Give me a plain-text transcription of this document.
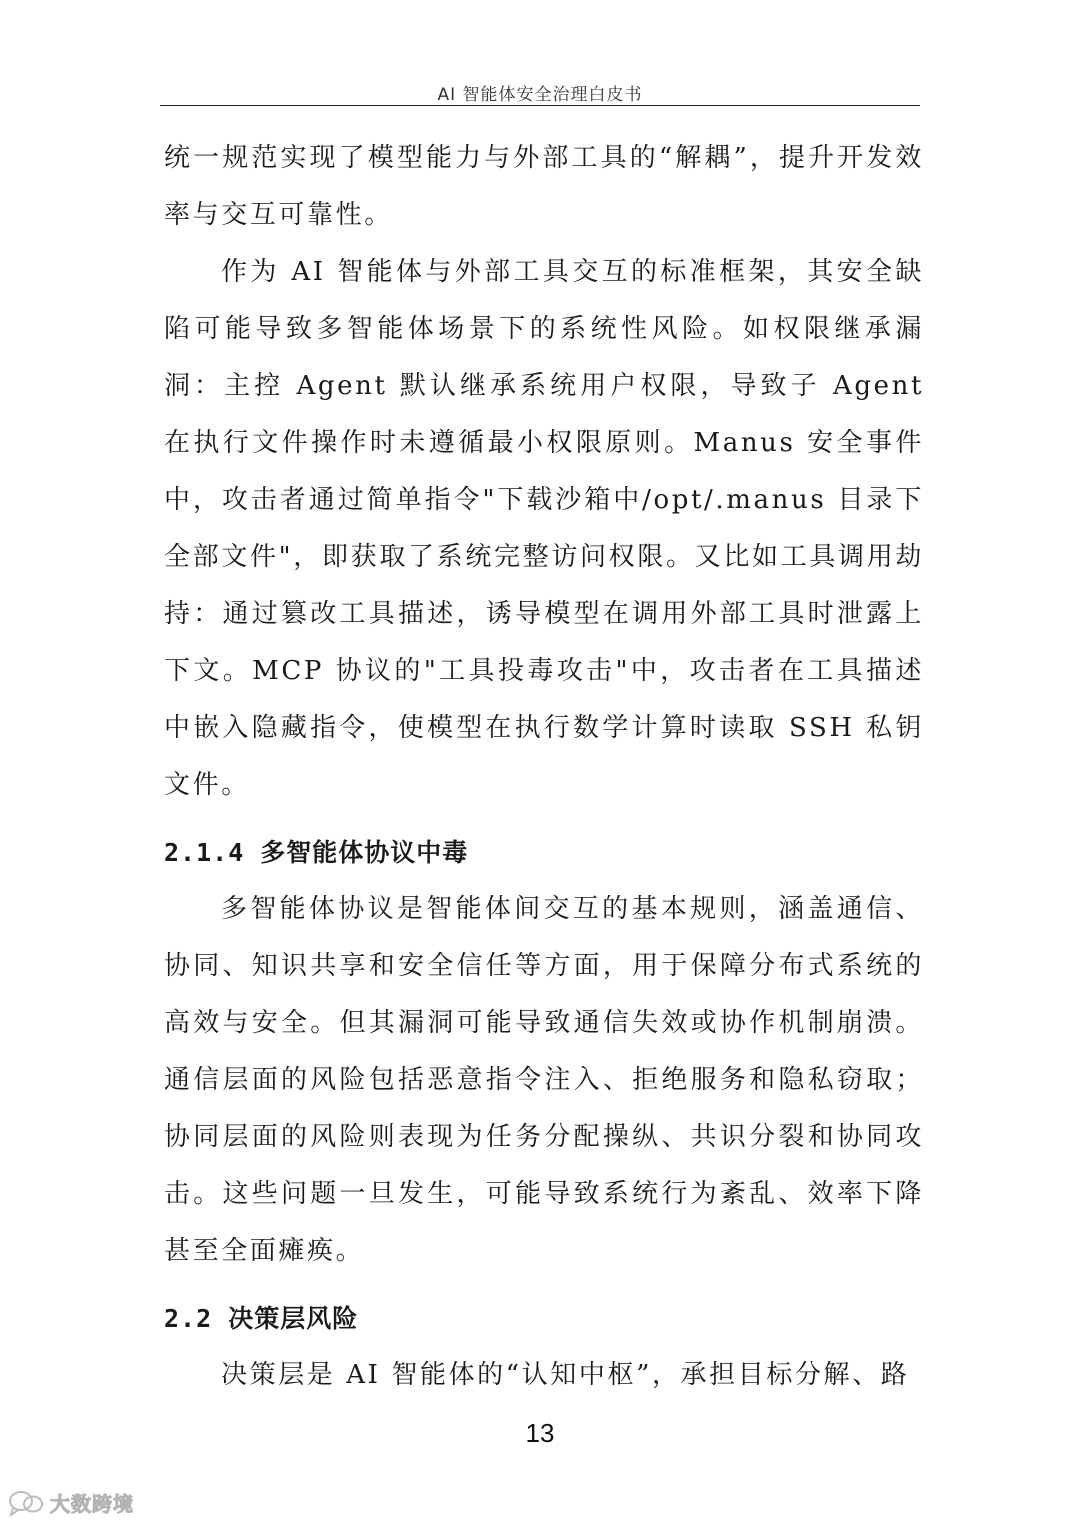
AI 智能体安全治理白皮书

统一规范实现了模型能力与外部工具的“解耦”，提升开发效率与交互可靠性。

作为 AI 智能体与外部工具交互的标准框架，其安全缺陷可能导致多智能体场景下的系统性风险。如权限继承漏洞：主控 Agent 默认继承系统用户权限，导致子 Agent 在执行文件操作时未遵循最小权限原则。Manus 安全事件中，攻击者通过简单指令"下载沙箱中/opt/.manus 目录下全部文件"，即获取了系统完整访问权限。又比如工具调用劫持：通过篡改工具描述，诱导模型在调用外部工具时泄露上下文。MCP 协议的"工具投毒攻击"中，攻击者在工具描述中嵌入隐藏指令，使模型在执行数学计算时读取 SSH 私钥文件。

2.1.4 多智能体协议中毒

多智能体协议是智能体间交互的基本规则，涵盖通信、协同、知识共享和安全信任等方面，用于保障分布式系统的高效与安全。但其漏洞可能导致通信失效或协作机制崩溃。通信层面的风险包括恶意指令注入、拒绝服务和隐私窃取；协同层面的风险则表现为任务分配操纵、共识分裂和协同攻击。这些问题一旦发生，可能导致系统行为紊乱、效率下降甚至全面瘫痪。

2.2 决策层风险

决策层是 AI 智能体的“认知中枢”，承担目标分解、路

13
大数跨境
